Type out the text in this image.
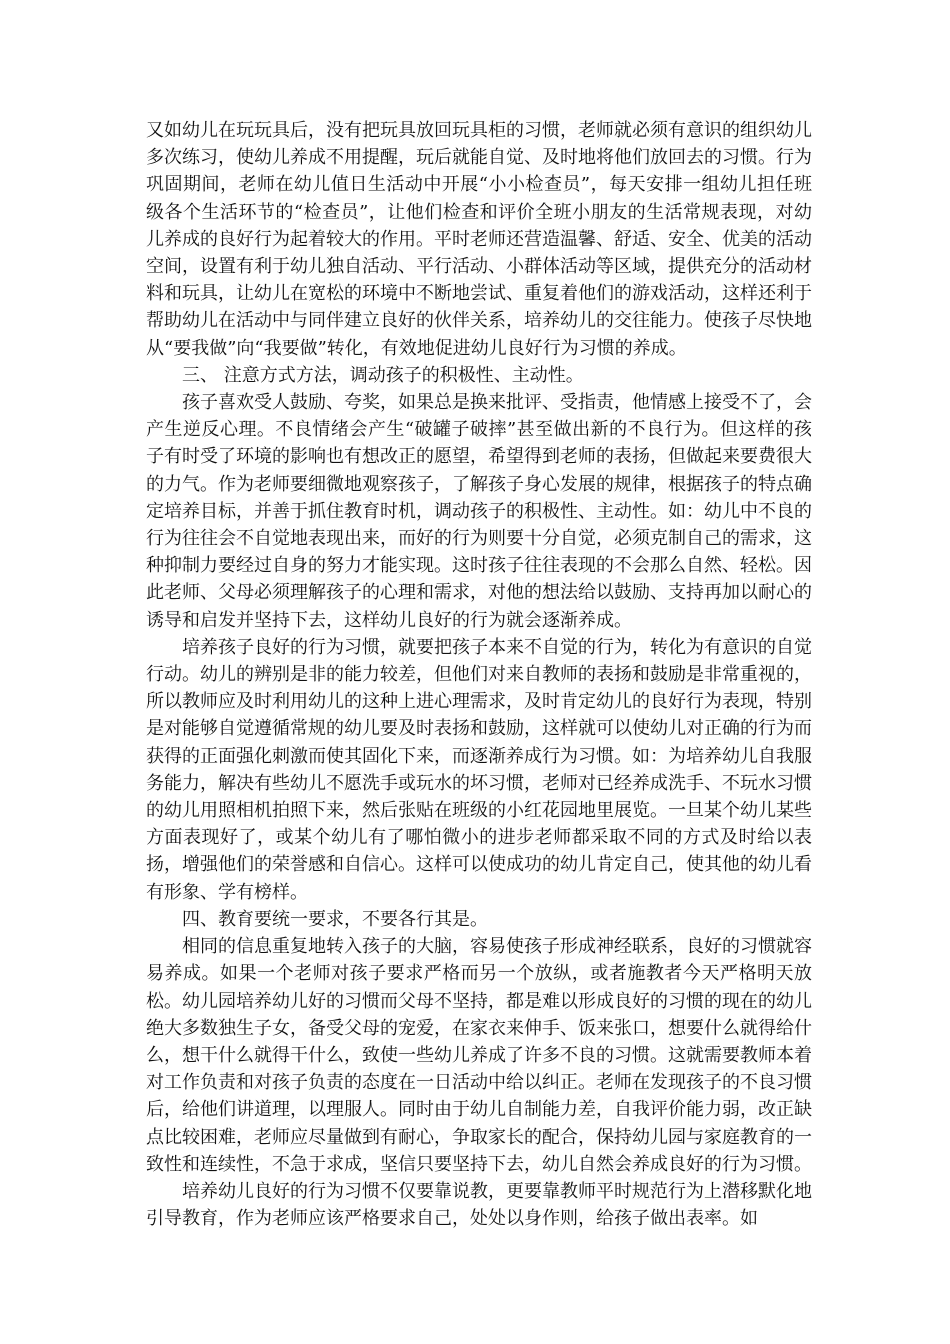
又如幼儿在玩玩具后，没有把玩具放回玩具柜的习惯，老师就必须有意识的组织幼儿多次练习，使幼儿养成不用提醒，玩后就能自觉、及时地将他们放回去的习惯。行为巩固期间，老师在幼儿值日生活动中开展“小小检查员”，每天安排一组幼儿担任班级各个生活环节的“检查员”，让他们检查和评价全班小朋友的生活常规表现，对幼儿养成的良好行为起着较大的作用。平时老师还营造温馨、舒适、安全、优美的活动空间，设置有利于幼儿独自活动、平行活动、小群体活动等区域，提供充分的活动材料和玩具，让幼儿在宽松的环境中不断地尝试、重复着他们的游戏活动，这样还利于帮助幼儿在活动中与同伴建立良好的伙伴关系，培养幼儿的交往能力。使孩子尽快地从“要我做”向“我要做”转化，有效地促进幼儿良好行为习惯的养成。

三、 注意方式方法，调动孩子的积极性、主动性。

孩子喜欢受人鼓励、夸奖，如果总是换来批评、受指责，他情感上接受不了，会产生逆反心理。不良情绪会产生“破罐子破摔”甚至做出新的不良行为。但这样的孩子有时受了环境的影响也有想改正的愿望，希望得到老师的表扬，但做起来要费很大的力气。作为老师要细微地观察孩子，了解孩子身心发展的规律，根据孩子的特点确定培养目标，并善于抓住教育时机，调动孩子的积极性、主动性。如：幼儿中不良的行为往往会不自觉地表现出来，而好的行为则要十分自觉，必须克制自己的需求，这种抑制力要经过自身的努力才能实现。这时孩子往往表现的不会那么自然、轻松。因此老师、父母必须理解孩子的心理和需求，对他的想法给以鼓励、支持再加以耐心的诱导和启发并坚持下去，这样幼儿良好的行为就会逐渐养成。

培养孩子良好的行为习惯，就要把孩子本来不自觉的行为，转化为有意识的自觉行动。幼儿的辨别是非的能力较差，但他们对来自教师的表扬和鼓励是非常重视的，所以教师应及时利用幼儿的这种上进心理需求，及时肯定幼儿的良好行为表现，特别是对能够自觉遵循常规的幼儿要及时表扬和鼓励，这样就可以使幼儿对正确的行为而获得的正面强化刺激而使其固化下来，而逐渐养成行为习惯。如：为培养幼儿自我服务能力，解决有些幼儿不愿洗手或玩水的坏习惯，老师对已经养成洗手、不玩水习惯的幼儿用照相机拍照下来，然后张贴在班级的小红花园地里展览。一旦某个幼儿某些方面表现好了，或某个幼儿有了哪怕微小的进步老师都采取不同的方式及时给以表扬，增强他们的荣誉感和自信心。这样可以使成功的幼儿肯定自己，使其他的幼儿看有形象、学有榜样。

四、教育要统一要求，不要各行其是。

相同的信息重复地转入孩子的大脑，容易使孩子形成神经联系，良好的习惯就容易养成。如果一个老师对孩子要求严格而另一个放纵，或者施教者今天严格明天放松。幼儿园培养幼儿好的习惯而父母不坚持，都是难以形成良好的习惯的现在的幼儿绝大多数独生子女，备受父母的宠爱，在家衣来伸手、饭来张口，想要什么就得给什么，想干什么就得干什么，致使一些幼儿养成了许多不良的习惯。这就需要教师本着对工作负责和对孩子负责的态度在一日活动中给以纠正。老师在发现孩子的不良习惯后，给他们讲道理，以理服人。同时由于幼儿自制能力差，自我评价能力弱，改正缺点比较困难，老师应尽量做到有耐心，争取家长的配合，保持幼儿园与家庭教育的一致性和连续性，不急于求成，坚信只要坚持下去，幼儿自然会养成良好的行为习惯。

培养幼儿良好的行为习惯不仅要靠说教，更要靠教师平时规范行为上潜移默化地引导教育，作为老师应该严格要求自己，处处以身作则，给孩子做出表率。如
